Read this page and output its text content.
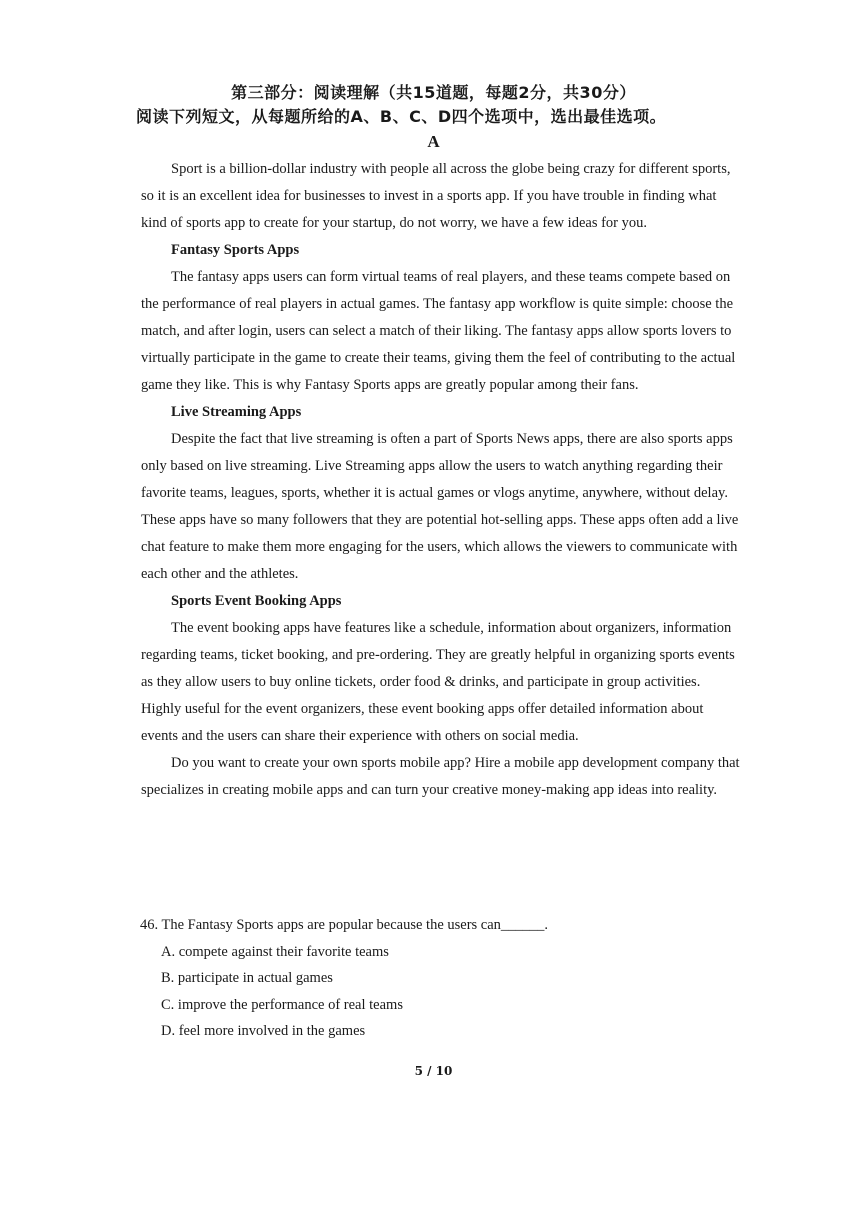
第三部分：阅读理解（共15道题，每题2分，共30分）
阅读下列短文，从每题所给的A、B、C、D四个选项中，选出最佳选项。
A

Sport is a billion-dollar industry with people all across the globe being crazy for different sports, so it is an excellent idea for businesses to invest in a sports app. If you have trouble in finding what kind of sports app to create for your startup, do not worry, we have a few ideas for you.

Fantasy Sports Apps

The fantasy apps users can form virtual teams of real players, and these teams compete based on the performance of real players in actual games. The fantasy app workflow is quite simple: choose the match, and after login, users can select a match of their liking. The fantasy apps allow sports lovers to virtually participate in the game to create their teams, giving them the feel of contributing to the actual game they like. This is why Fantasy Sports apps are greatly popular among their fans.

Live Streaming Apps

Despite the fact that live streaming is often a part of Sports News apps, there are also sports apps only based on live streaming. Live Streaming apps allow the users to watch anything regarding their favorite teams, leagues, sports, whether it is actual games or vlogs anytime, anywhere, without delay. These apps have so many followers that they are potential hot-selling apps. These apps often add a live chat feature to make them more engaging for the users, which allows the viewers to communicate with each other and the athletes.

Sports Event Booking Apps

The event booking apps have features like a schedule, information about organizers, information regarding teams, ticket booking, and pre-ordering. They are greatly helpful in organizing sports events as they allow users to buy online tickets, order food & drinks, and participate in group activities. Highly useful for the event organizers, these event booking apps offer detailed information about events and the users can share their experience with others on social media.

Do you want to create your own sports mobile app? Hire a mobile app development company that specializes in creating mobile apps and can turn your creative money-making app ideas into reality.

46. The Fantasy Sports apps are popular because the users can______.

A. compete against their favorite teams

B. participate in actual games

C. improve the performance of real teams

D. feel more involved in the games

5 / 10
